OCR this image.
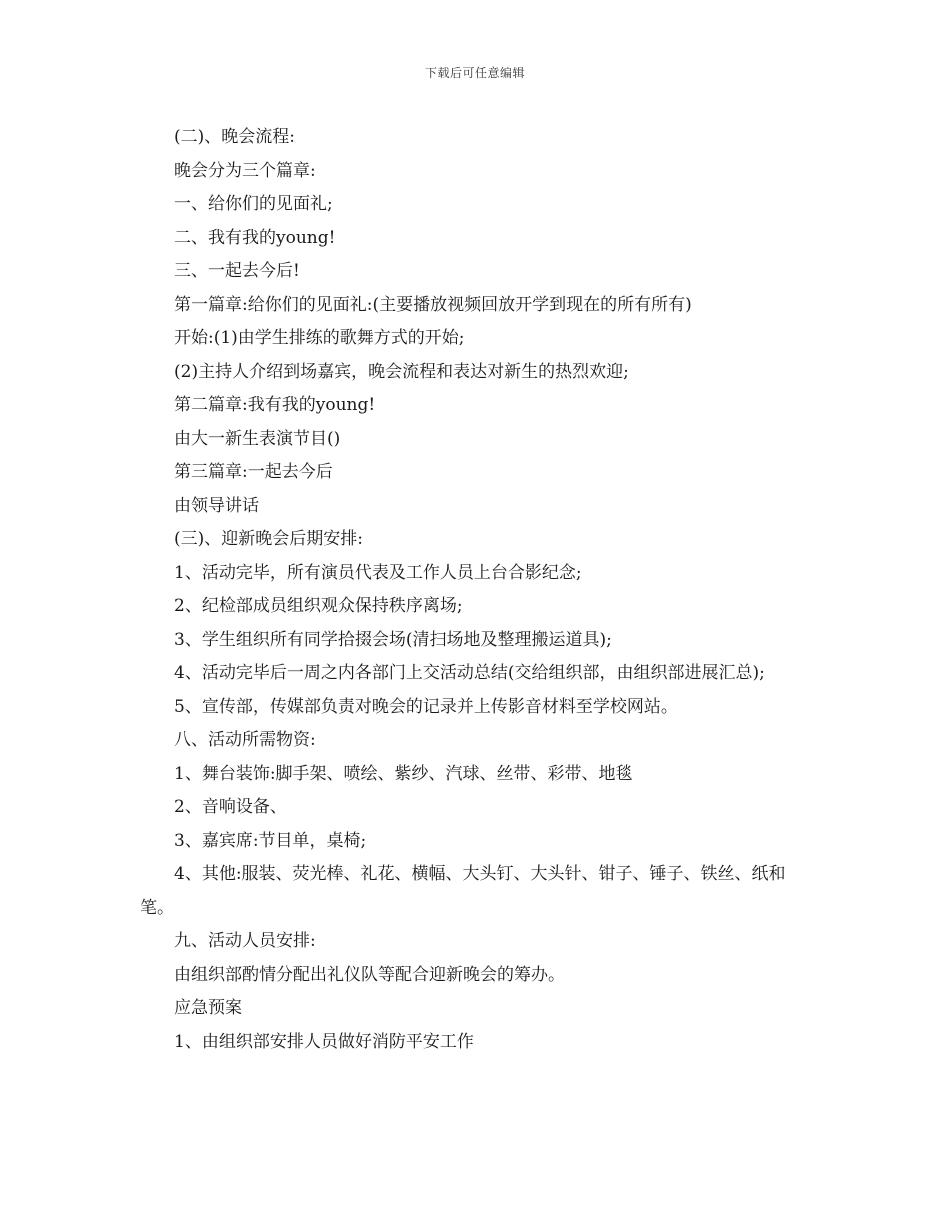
下载后可任意编辑

(二)、晚会流程:

晚会分为三个篇章:

一、给你们的见面礼;

二、我有我的young!

三、一起去今后!

第一篇章:给你们的见面礼:(主要播放视频回放开学到现在的所有所有)

开始:(1)由学生排练的歌舞方式的开始;

(2)主持人介绍到场嘉宾，晚会流程和表达对新生的热烈欢迎;

第二篇章:我有我的young!

由大一新生表演节目()

第三篇章:一起去今后

由领导讲话

(三)、迎新晚会后期安排:

1、活动完毕，所有演员代表及工作人员上台合影纪念;

2、纪检部成员组织观众保持秩序离场;

3、学生组织所有同学拾掇会场(清扫场地及整理搬运道具);

4、活动完毕后一周之内各部门上交活动总结(交给组织部，由组织部进展汇总);

5、宣传部，传媒部负责对晚会的记录并上传影音材料至学校网站。

八、活动所需物资:

1、舞台装饰:脚手架、喷绘、紫纱、汽球、丝带、彩带、地毯

2、音响设备、

3、嘉宾席:节目单，桌椅;

4、其他:服装、荧光棒、礼花、横幅、大头钉、大头针、钳子、锤子、铁丝、纸和笔。

九、活动人员安排:

由组织部酌情分配出礼仪队等配合迎新晚会的筹办。

应急预案

1、由组织部安排人员做好消防平安工作
